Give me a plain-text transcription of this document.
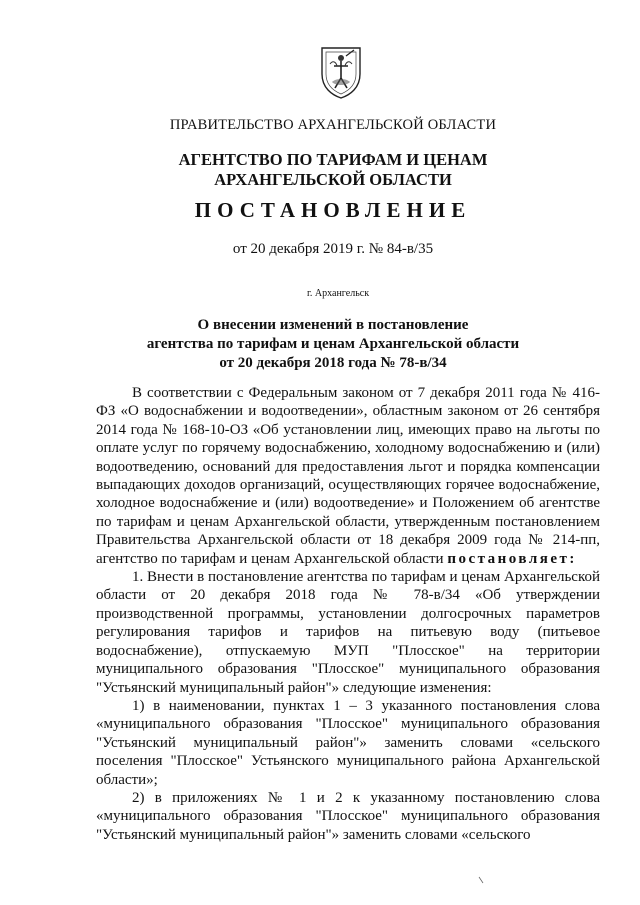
ПРАВИТЕЛЬСТВО АРХАНГЕЛЬСКОЙ ОБЛАСТИ
АГЕНТСТВО ПО ТАРИФАМ И ЦЕНАМ
АРХАНГЕЛЬСКОЙ ОБЛАСТИ
ПОСТАНОВЛЕНИЕ
от 20 декабря 2019 г. № 84-в/35
г. Архангельск
О внесении изменений в постановление
агентства по тарифам и ценам Архангельской области
от 20 декабря 2018 года № 78-в/34

В соответствии с Федеральным законом от 7 декабря 2011 года № 416-ФЗ «О водоснабжении и водоотведении», областным законом от 26 сентября 2014 года № 168-10-ОЗ «Об установлении лиц, имеющих право на льготы по оплате услуг по горячему водоснабжению, холодному водоснабжению и (или) водоотведению, оснований для предоставления льгот и порядка компенсации выпадающих доходов организаций, осуществляющих горячее водоснабжение, холодное водоснабжение и (или) водоотведение» и Положением об агентстве по тарифам и ценам Архангельской области, утвержденным постановлением Правительства Архангельской области от 18 декабря 2009 года № 214-пп, агентство по тарифам и ценам Архангельской области постановляет:

1. Внести в постановление агентства по тарифам и ценам Архангельской области от 20 декабря 2018 года № 78-в/34 «Об утверждении производственной программы, установлении долгосрочных параметров регулирования тарифов и тарифов на питьевую воду (питьевое водоснабжение), отпускаемую МУП "Плосское" на территории муниципального образования "Плосское" муниципального образования "Устьянский муниципальный район"» следующие изменения:

1) в наименовании, пунктах 1 – 3 указанного постановления слова «муниципального образования "Плосское" муниципального образования "Устьянский муниципальный район"» заменить словами «сельского поселения "Плосское" Устьянского муниципального района Архангельской области»;

2) в приложениях № 1 и 2 к указанному постановлению слова «муниципального образования "Плосское" муниципального образования "Устьянский муниципальный район"» заменить словами «сельского
